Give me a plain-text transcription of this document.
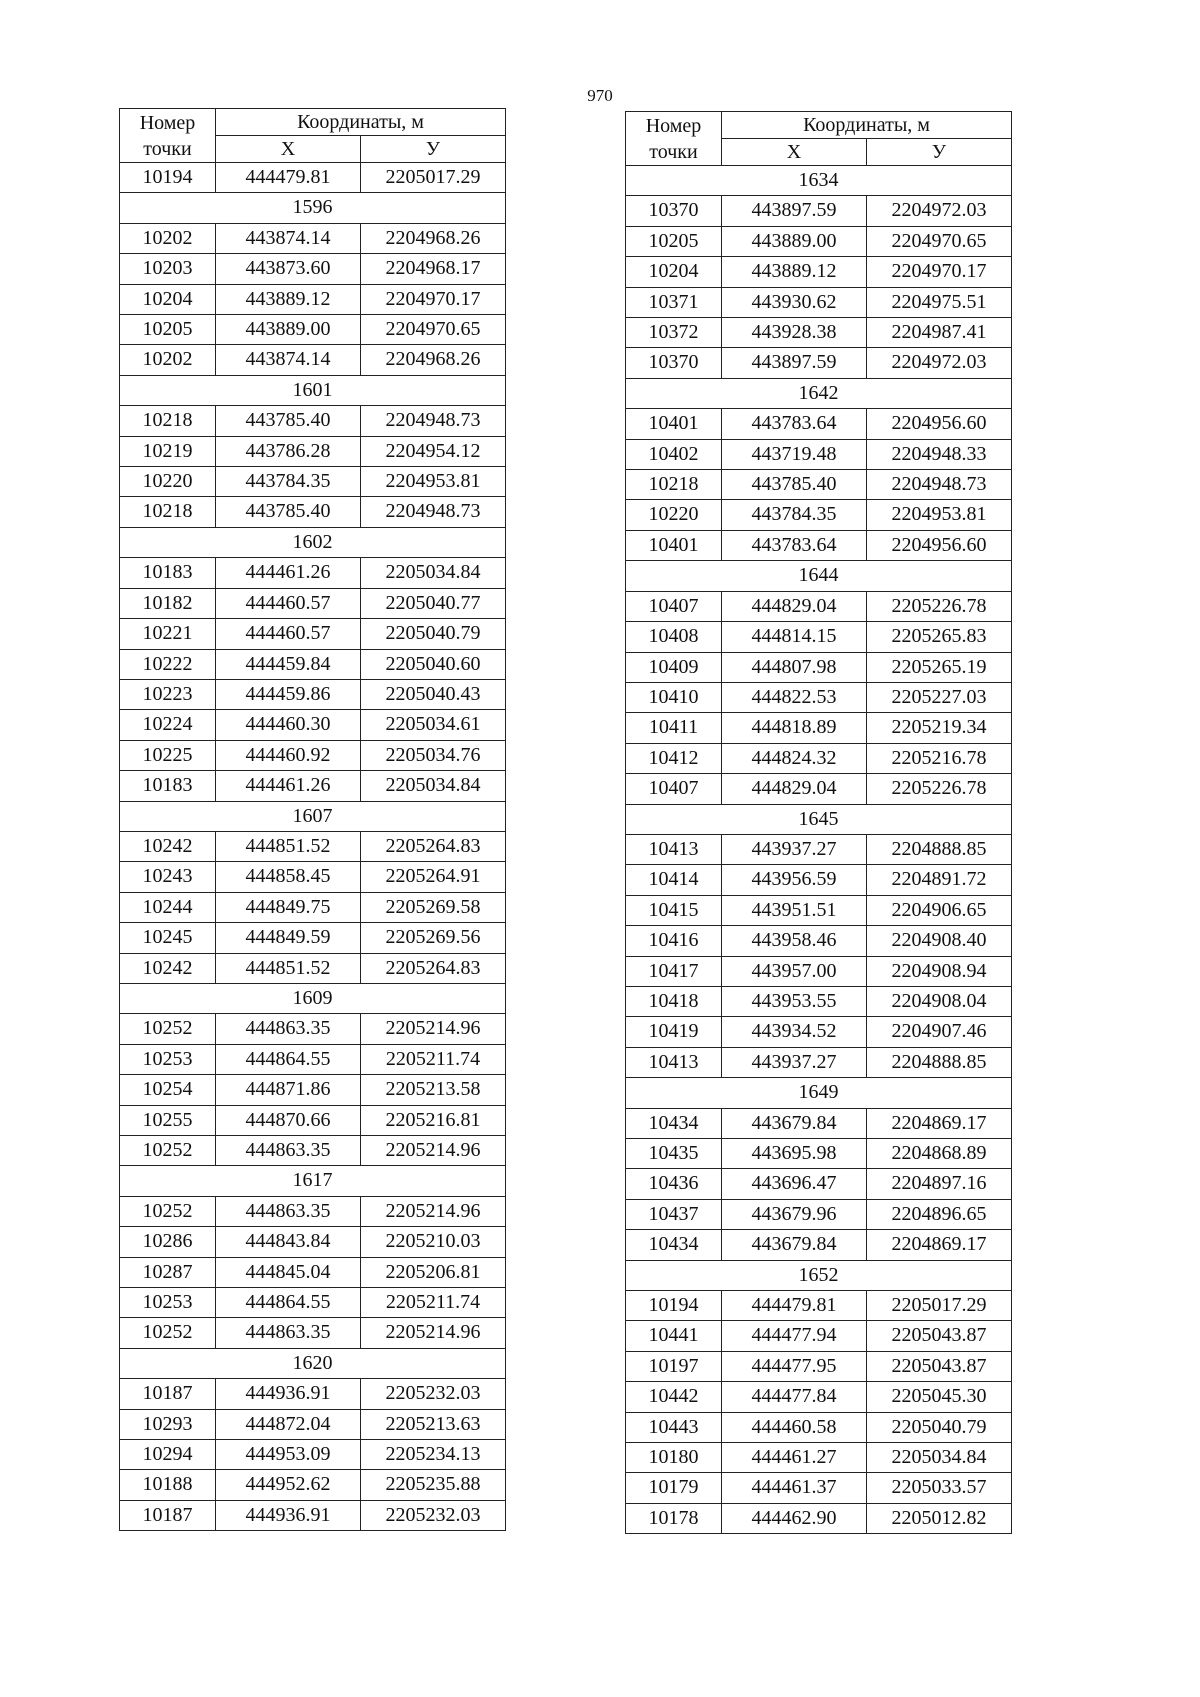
970
Номер
точки	Координаты, м	
	X	У
10194	444479.81	2205017.29
1596		
10202	443874.14	2204968.26
10203	443873.60	2204968.17
10204	443889.12	2204970.17
10205	443889.00	2204970.65
10202	443874.14	2204968.26
1601		
10218	443785.40	2204948.73
10219	443786.28	2204954.12
10220	443784.35	2204953.81
10218	443785.40	2204948.73
1602		
10183	444461.26	2205034.84
10182	444460.57	2205040.77
10221	444460.57	2205040.79
10222	444459.84	2205040.60
10223	444459.86	2205040.43
10224	444460.30	2205034.61
10225	444460.92	2205034.76
10183	444461.26	2205034.84
1607		
10242	444851.52	2205264.83
10243	444858.45	2205264.91
10244	444849.75	2205269.58
10245	444849.59	2205269.56
10242	444851.52	2205264.83
1609		
10252	444863.35	2205214.96
10253	444864.55	2205211.74
10254	444871.86	2205213.58
10255	444870.66	2205216.81
10252	444863.35	2205214.96
1617		
10252	444863.35	2205214.96
10286	444843.84	2205210.03
10287	444845.04	2205206.81
10253	444864.55	2205211.74
10252	444863.35	2205214.96
1620		
10187	444936.91	2205232.03
10293	444872.04	2205213.63
10294	444953.09	2205234.13
10188	444952.62	2205235.88
10187	444936.91	2205232.03
Номер
точки	Координаты, м	
	X	У
1634		
10370	443897.59	2204972.03
10205	443889.00	2204970.65
10204	443889.12	2204970.17
10371	443930.62	2204975.51
10372	443928.38	2204987.41
10370	443897.59	2204972.03
1642		
10401	443783.64	2204956.60
10402	443719.48	2204948.33
10218	443785.40	2204948.73
10220	443784.35	2204953.81
10401	443783.64	2204956.60
1644		
10407	444829.04	2205226.78
10408	444814.15	2205265.83
10409	444807.98	2205265.19
10410	444822.53	2205227.03
10411	444818.89	2205219.34
10412	444824.32	2205216.78
10407	444829.04	2205226.78
1645		
10413	443937.27	2204888.85
10414	443956.59	2204891.72
10415	443951.51	2204906.65
10416	443958.46	2204908.40
10417	443957.00	2204908.94
10418	443953.55	2204908.04
10419	443934.52	2204907.46
10413	443937.27	2204888.85
1649		
10434	443679.84	2204869.17
10435	443695.98	2204868.89
10436	443696.47	2204897.16
10437	443679.96	2204896.65
10434	443679.84	2204869.17
1652		
10194	444479.81	2205017.29
10441	444477.94	2205043.87
10197	444477.95	2205043.87
10442	444477.84	2205045.30
10443	444460.58	2205040.79
10180	444461.27	2205034.84
10179	444461.37	2205033.57
10178	444462.90	2205012.82
